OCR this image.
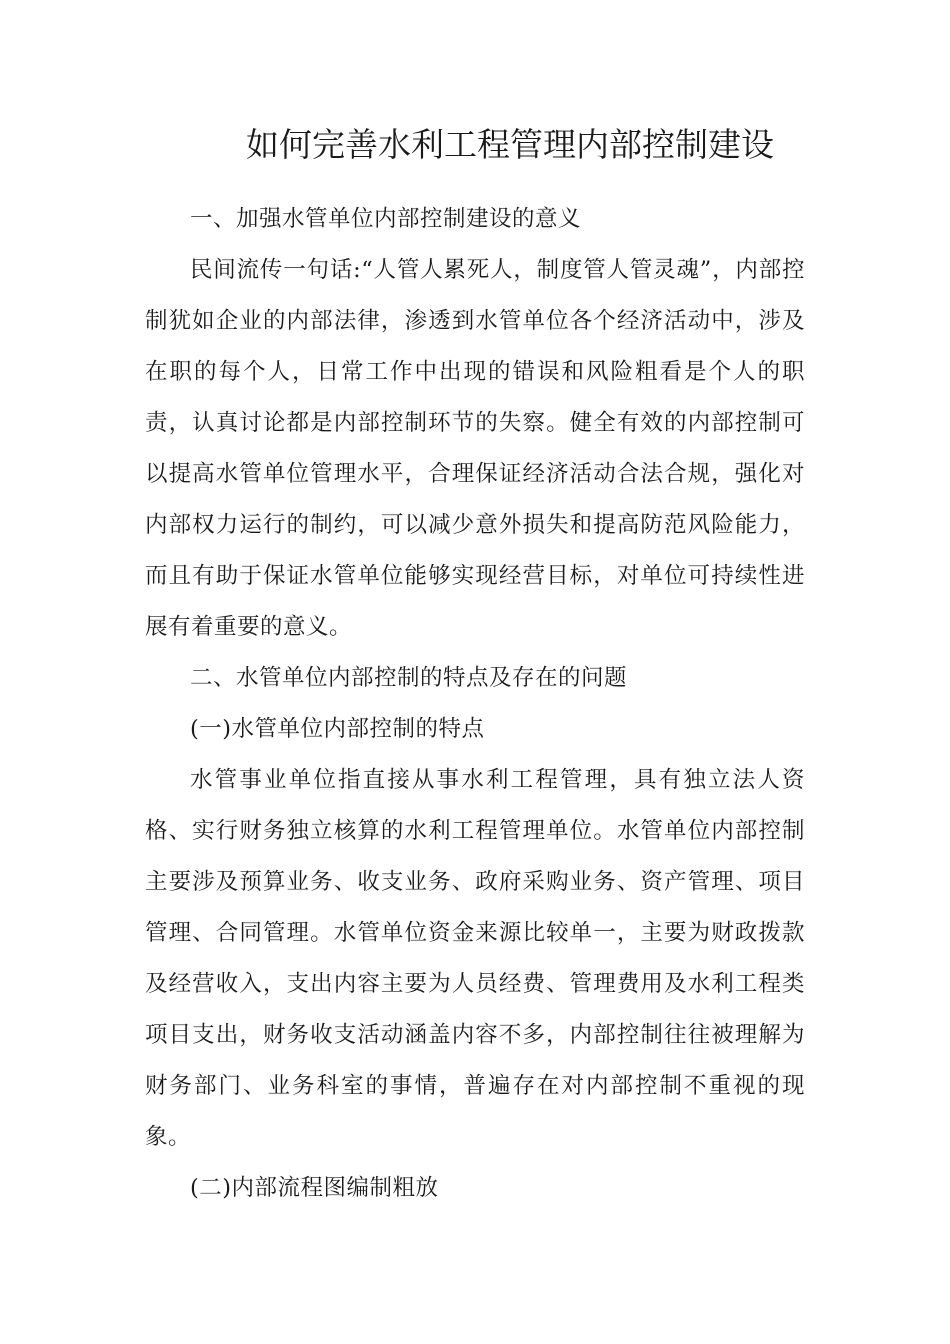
如何完善水利工程管理内部控制建设

一、加强水管单位内部控制建设的意义

民间流传一句话:“人管人累死人，制度管人管灵魂”，内部控制犹如企业的内部法律，渗透到水管单位各个经济活动中，涉及在职的每个人，日常工作中出现的错误和风险粗看是个人的职责，认真讨论都是内部控制环节的失察。健全有效的内部控制可以提高水管单位管理水平，合理保证经济活动合法合规，强化对内部权力运行的制约，可以减少意外损失和提高防范风险能力，而且有助于保证水管单位能够实现经营目标，对单位可持续性进展有着重要的意义。

二、水管单位内部控制的特点及存在的问题

(一)水管单位内部控制的特点

水管事业单位指直接从事水利工程管理，具有独立法人资格、实行财务独立核算的水利工程管理单位。水管单位内部控制主要涉及预算业务、收支业务、政府采购业务、资产管理、项目管理、合同管理。水管单位资金来源比较单一，主要为财政拨款及经营收入，支出内容主要为人员经费、管理费用及水利工程类项目支出，财务收支活动涵盖内容不多，内部控制往往被理解为财务部门、业务科室的事情，普遍存在对内部控制不重视的现象。

(二)内部流程图编制粗放
